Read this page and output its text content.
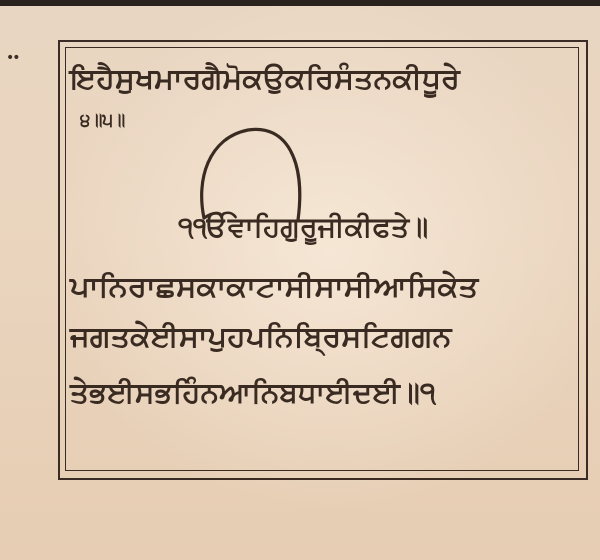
••
ਇਹੈਸੁਖਮਾਰਗੈਮੋਕਉਕਰਿਸੰਤਨਕੀਧੂਰੇ
੪॥੫॥
੧ੴਵਾਹਿਗੁਰੂਜੀਕੀਫਤੇ॥
ਪਾਨਿਰਾਛਸਕਾਕਾਟਾਸੀਸਾਸੀਆਸਿਕੇਤ
ਜਗਤਕੇਈਸਾਪੁਹਪਨਿਬ੍ਰਿਸਟਿਗਗਨ
ਤੇਭਈਸਭਹਿੰਨਆਨਿਬਧਾਈਦਈ॥੧
